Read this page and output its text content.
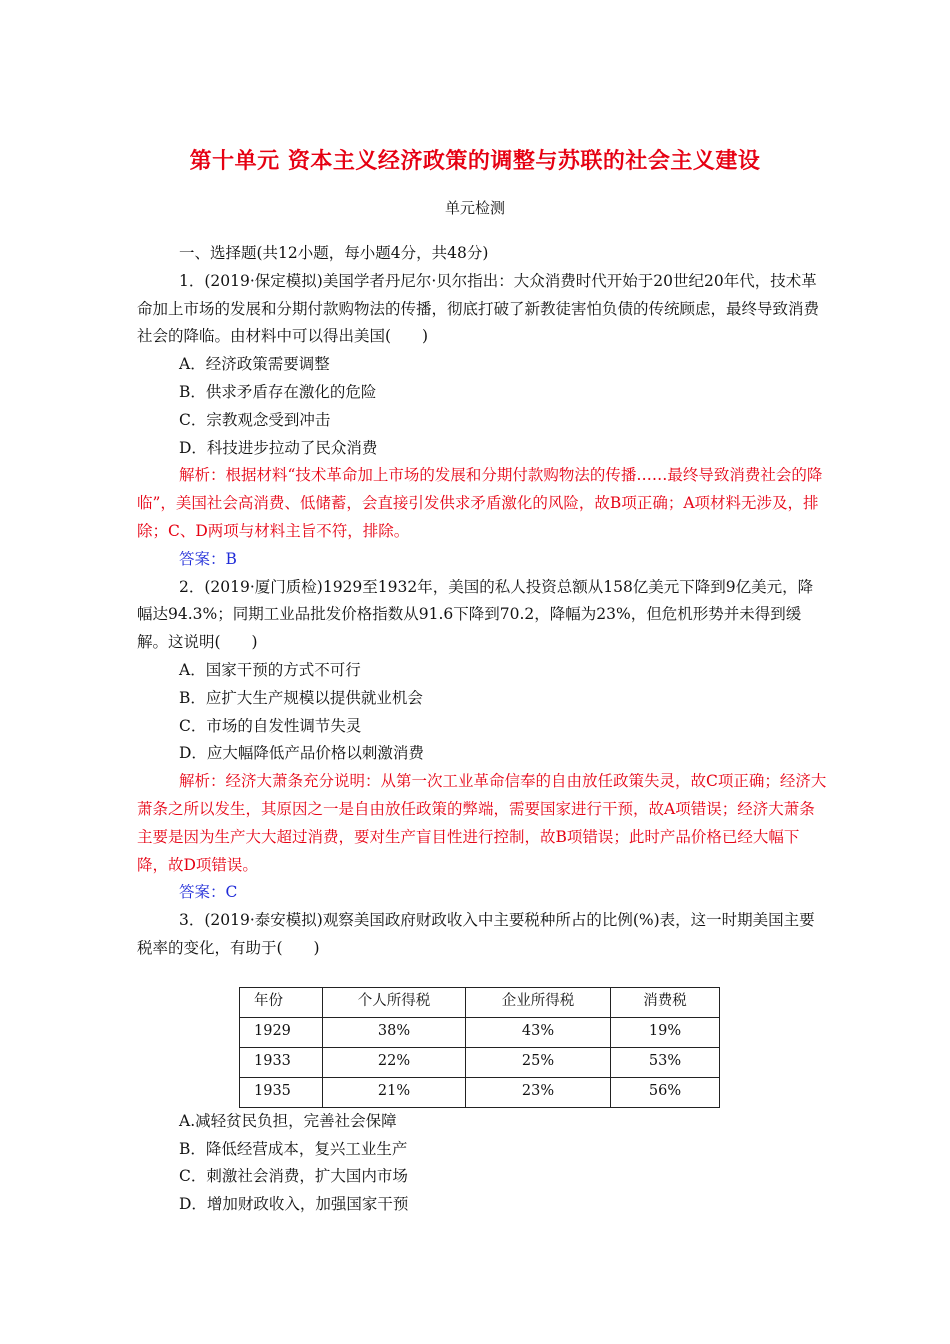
第十单元 资本主义经济政策的调整与苏联的社会主义建设
单元检测

一、选择题(共12小题，每小题4分，共48分)

1．(2019·保定模拟)美国学者丹尼尔·贝尔指出：大众消费时代开始于20世纪20年代，技术革命加上市场的发展和分期付款购物法的传播，彻底打破了新教徒害怕负债的传统顾虑，最终导致消费社会的降临。由材料中可以得出美国(　　)

A．经济政策需要调整

B．供求矛盾存在激化的危险

C．宗教观念受到冲击

D．科技进步拉动了民众消费

解析：根据材料“技术革命加上市场的发展和分期付款购物法的传播……最终导致消费社会的降临”，美国社会高消费、低储蓄，会直接引发供求矛盾激化的风险，故B项正确；A项材料无涉及，排除；C、D两项与材料主旨不符，排除。

答案：B

2．(2019·厦门质检)1929至1932年，美国的私人投资总额从158亿美元下降到9亿美元，降幅达94.3%；同期工业品批发价格指数从91.6下降到70.2，降幅为23%，但危机形势并未得到缓解。这说明(　　)

A．国家干预的方式不可行

B．应扩大生产规模以提供就业机会

C．市场的自发性调节失灵

D．应大幅降低产品价格以刺激消费

解析：经济大萧条充分说明：从第一次工业革命信奉的自由放任政策失灵，故C项正确；经济大萧条之所以发生，其原因之一是自由放任政策的弊端，需要国家进行干预，故A项错误；经济大萧条主要是因为生产大大超过消费，要对生产盲目性进行控制，故B项错误；此时产品价格已经大幅下降，故D项错误。

答案：C

3．(2019·泰安模拟)观察美国政府财政收入中主要税种所占的比例(%)表，这一时期美国主要税率的变化，有助于(　　)

年份	个人所得税	企业所得税	消费税
1929	38%	43%	19%
1933	22%	25%	53%
1935	21%	23%	56%

A.减轻贫民负担，完善社会保障

B．降低经营成本，复兴工业生产

C．刺激社会消费，扩大国内市场

D．增加财政收入，加强国家干预
